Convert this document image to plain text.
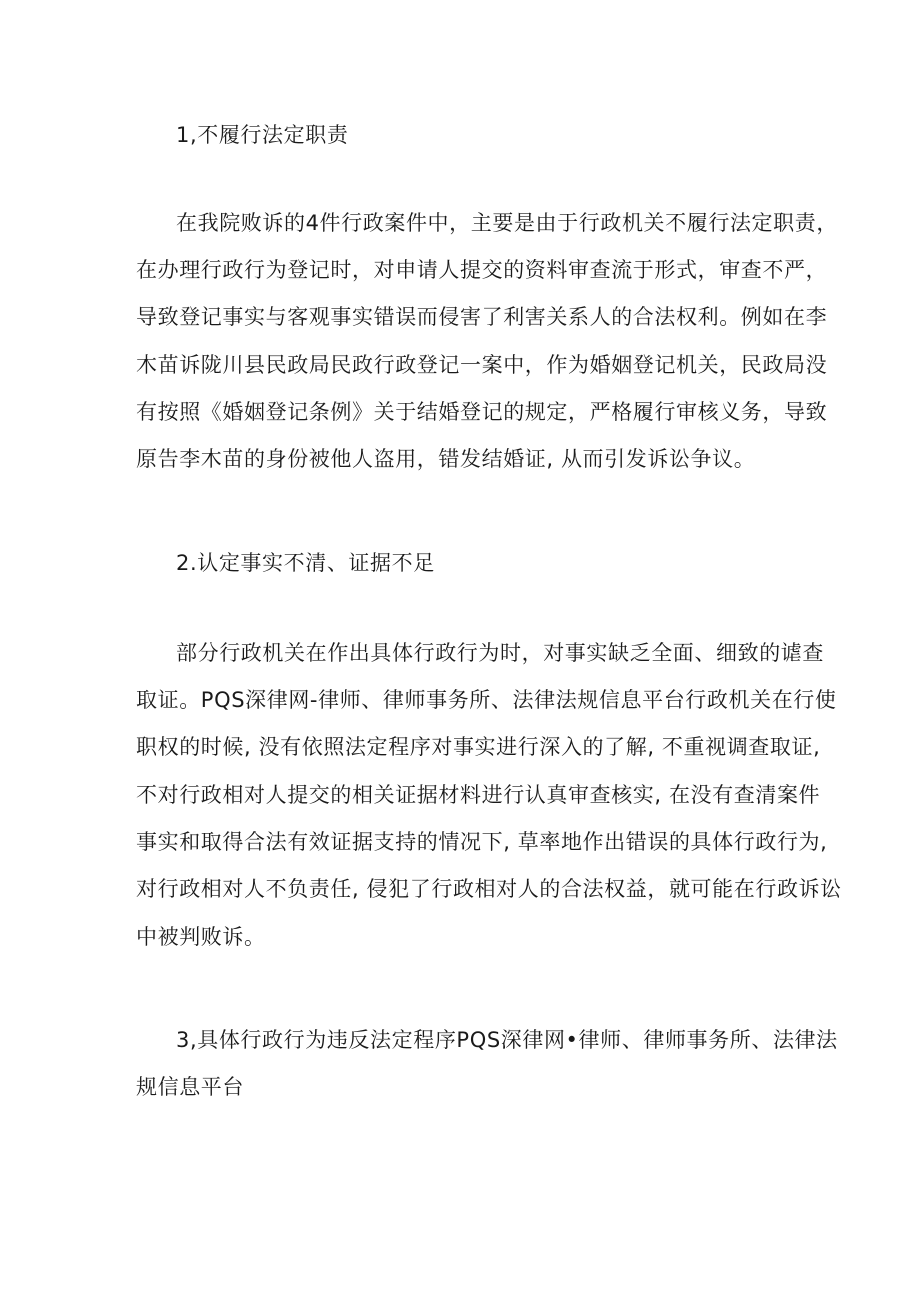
1,不履行法定职责
在我院败诉的4件行政案件中，主要是由于行政机关不履行法定职责，
在办理行政行为登记时，对申请人提交的资料审查流于形式，审查不严，
导致登记事实与客观事实错误而侵害了利害关系人的合法权利。例如在李
木苗诉陇川县民政局民政行政登记一案中，作为婚姻登记机关，民政局没
有按照《婚姻登记条例》关于结婚登记的规定，严格履行审核义务，导致
原告李木苗的身份被他人盗用，错发结婚证, 从而引发诉讼争议。
2.认定事实不清、证据不足
部分行政机关在作出具体行政行为时，对事实缺乏全面、细致的谑查
取证。PQS深律网-律师、律师事务所、法律法规信息平台行政机关在行使
职权的时候, 没有依照法定程序对事实进行深入的了解, 不重视调查取证,
不对行政相对人提交的相关证据材料进行认真审查核实, 在没有查清案件
事实和取得合法有效证据支持的情况下, 草率地作出错误的具体行政行为,
对行政相对人不负责任, 侵犯了行政相对人的合法权益，就可能在行政诉讼
中被判败诉。
3,具体行政行为违反法定程序PQS深律网•律师、律师事务所、法律法
规信息平台
